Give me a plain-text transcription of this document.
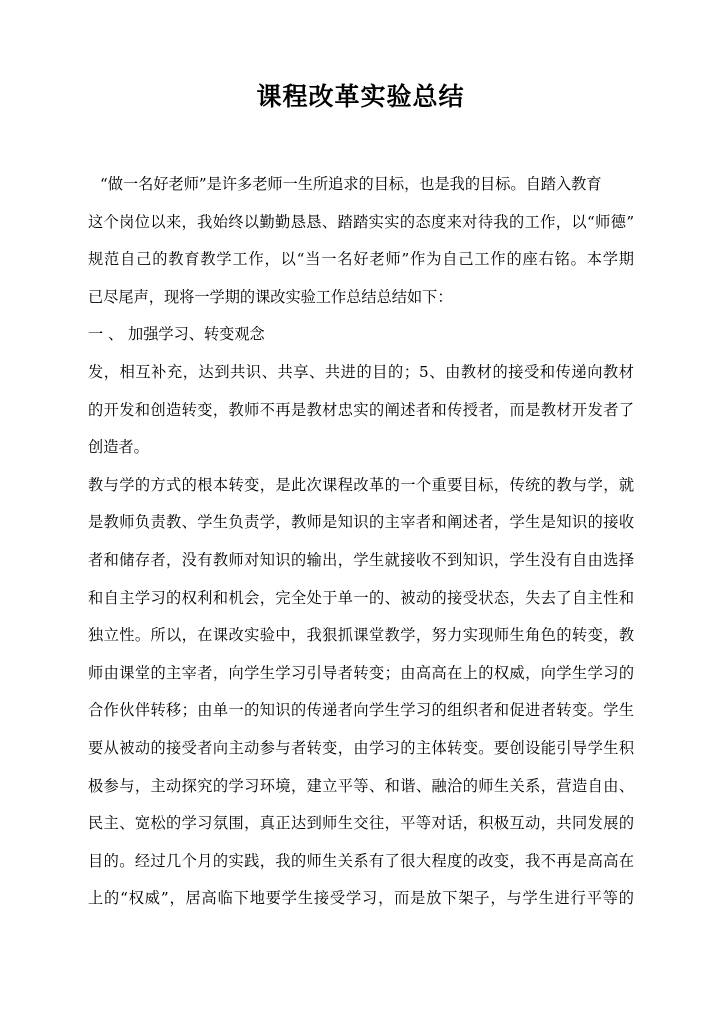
课程改革实验总结
“做一名好老师”是许多老师一生所追求的目标，也是我的目标。自踏入教育
这个岗位以来，我始终以勤勤恳恳、踏踏实实的态度来对待我的工作，以“师德”
规范自己的教育教学工作，以“当一名好老师”作为自己工作的座右铭。本学期
已尽尾声，现将一学期的课改实验工作总结总结如下：
一 、 加强学习、转变观念
发，相互补充，达到共识、共享、共进的目的；5、由教材的接受和传递向教材
的开发和创造转变，教师不再是教材忠实的阐述者和传授者，而是教材开发者了
创造者。
教与学的方式的根本转变，是此次课程改革的一个重要目标，传统的教与学，就
是教师负责教、学生负责学，教师是知识的主宰者和阐述者，学生是知识的接收
者和储存者，没有教师对知识的输出，学生就接收不到知识，学生没有自由选择
和自主学习的权利和机会，完全处于单一的、被动的接受状态，失去了自主性和
独立性。所以，在课改实验中，我狠抓课堂教学，努力实现师生角色的转变，教
师由课堂的主宰者，向学生学习引导者转变；由高高在上的权威，向学生学习的
合作伙伴转移；由单一的知识的传递者向学生学习的组织者和促进者转变。学生
要从被动的接受者向主动参与者转变，由学习的主体转变。要创设能引导学生积
极参与，主动探究的学习环境，建立平等、和谐、融洽的师生关系，营造自由、
民主、宽松的学习氛围，真正达到师生交往，平等对话，积极互动，共同发展的
目的。经过几个月的实践，我的师生关系有了很大程度的改变，我不再是高高在
上的“权威”，居高临下地要学生接受学习，而是放下架子，与学生进行平等的
